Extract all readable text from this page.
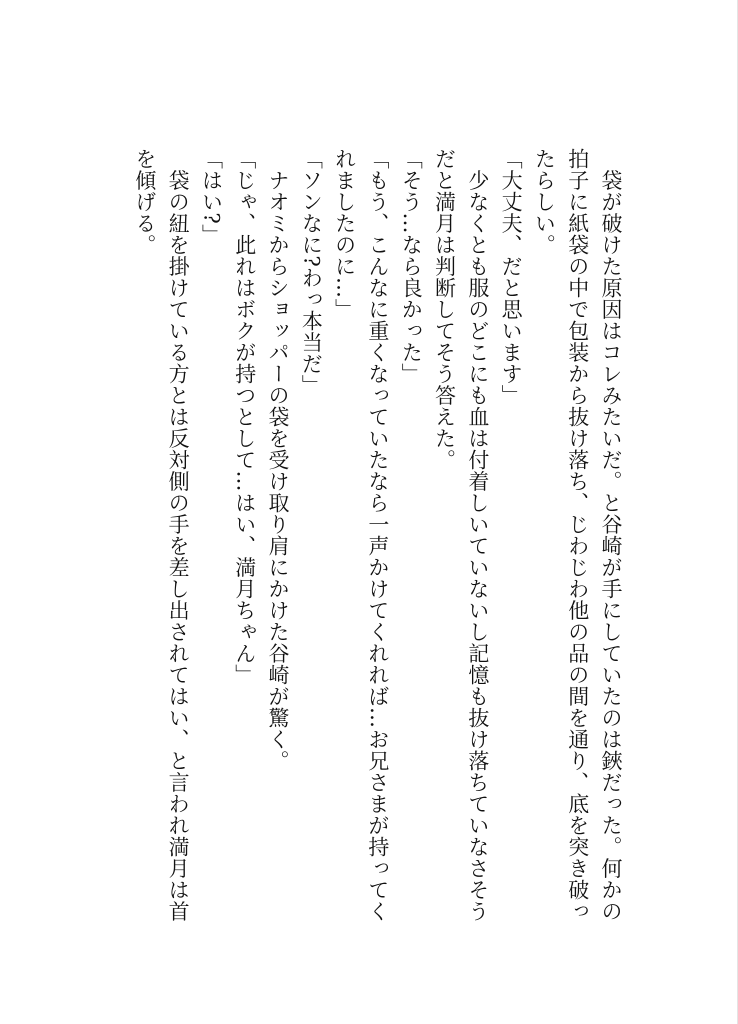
　袋が破けた原因はコレみたいだ。と谷崎が手にしていたのは鋏だった。何かの
拍子に紙袋の中で包装から抜け落ち、じわじわ他の品の間を通り、底を突き破っ
たらしい。
「大丈夫、だと思います」
　少なくとも服のどこにも血は付着しいていないし記憶も抜け落ちていなさそう
だと満月は判断してそう答えた。
「そう…なら良かった」
「もう、こんなに重くなっていたなら一声かけてくれれば…お兄さまが持ってく
れましたのに…」
「ソンなに?わっ本当だ」
　ナオミからショッパーの袋を受け取り肩にかけた谷崎が驚く。
「じゃ、此れはボクが持つとして…はい、満月ちゃん」
「はい?」
　袋の紐を掛けている方とは反対側の手を差し出されてはい、と言われ満月は首
を傾げる。
